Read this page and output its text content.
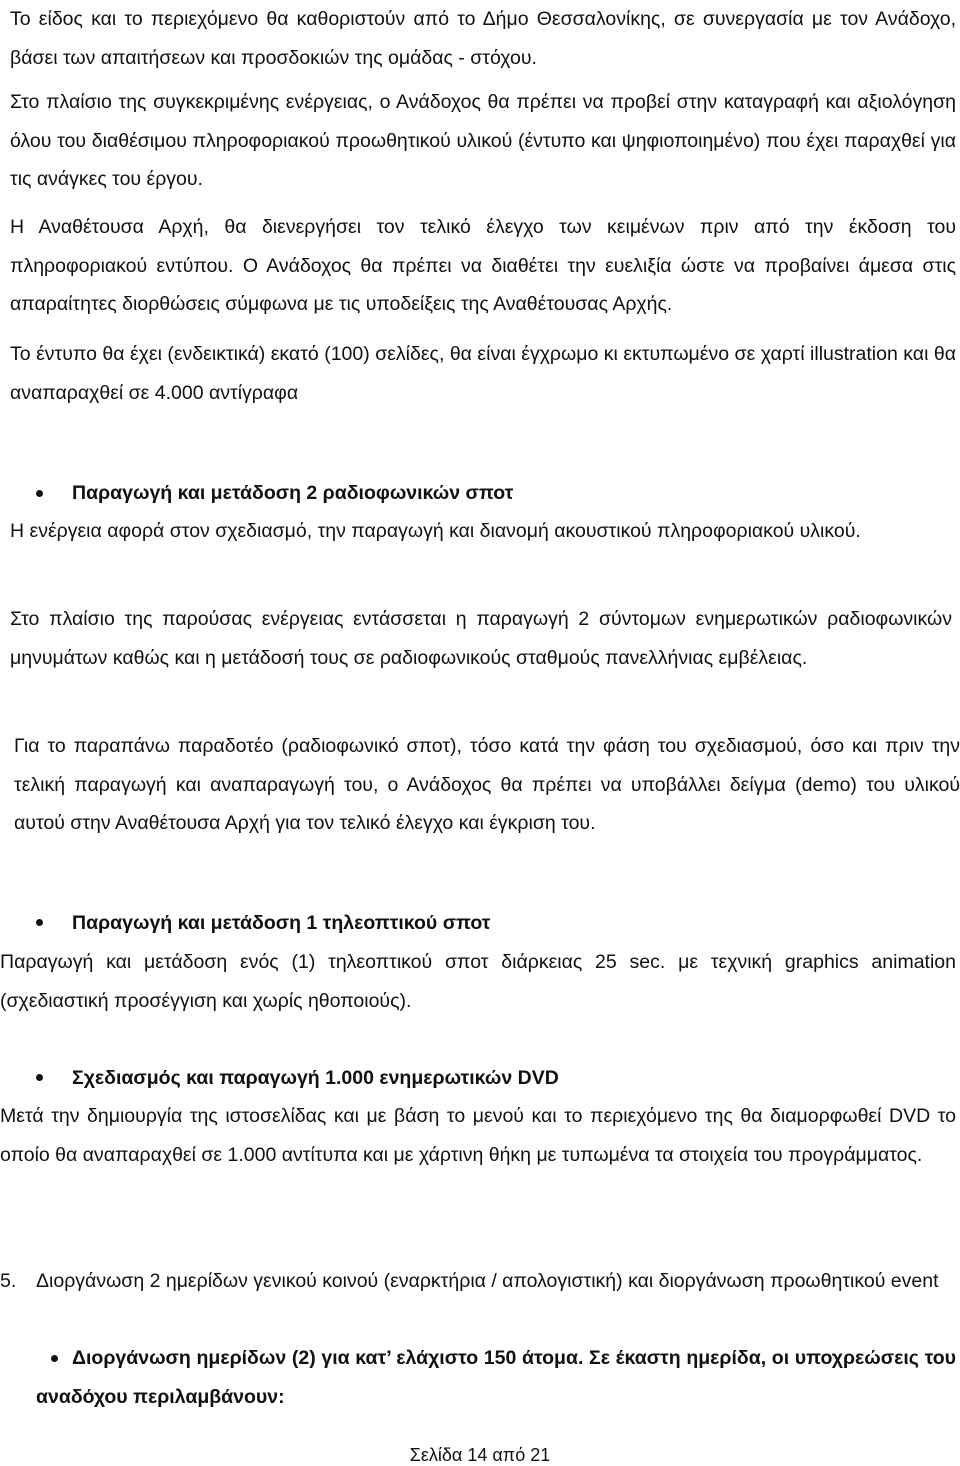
Το είδος και το περιεχόμενο θα καθοριστούν από το Δήμο Θεσσαλονίκης, σε συνεργασία με τον Ανάδοχο, βάσει των απαιτήσεων και προσδοκιών της ομάδας - στόχου.

Στο πλαίσιο της συγκεκριμένης ενέργειας, ο Ανάδοχος θα πρέπει να προβεί στην καταγραφή και αξιολόγηση όλου του διαθέσιμου πληροφοριακού προωθητικού υλικού (έντυπο και ψηφιοποιημένο) που έχει παραχθεί για τις ανάγκες του έργου.

Η Αναθέτουσα Αρχή, θα διενεργήσει τον τελικό έλεγχο των κειμένων πριν από την έκδοση του πληροφοριακού εντύπου. Ο Ανάδοχος θα πρέπει να διαθέτει την ευελιξία ώστε να προβαίνει άμεσα στις απαραίτητες διορθώσεις σύμφωνα με τις υποδείξεις της Αναθέτουσας Αρχής.

Το έντυπο θα έχει (ενδεικτικά) εκατό (100) σελίδες, θα είναι έγχρωμο κι εκτυπωμένο σε χαρτί illustration και θα αναπαραχθεί σε 4.000 αντίγραφα

Παραγωγή και μετάδοση 2 ραδιοφωνικών σποτ

Η ενέργεια αφορά στον σχεδιασμό, την παραγωγή και διανομή ακουστικού πληροφοριακού υλικού.

Στο πλαίσιο της παρούσας ενέργειας εντάσσεται η παραγωγή 2 σύντομων ενημερωτικών ραδιοφωνικών μηνυμάτων καθώς και η μετάδοσή τους σε ραδιοφωνικούς σταθμούς πανελλήνιας εμβέλειας.

Για το παραπάνω παραδοτέο (ραδιοφωνικό σποτ), τόσο κατά την φάση του σχεδιασμού, όσο και πριν την τελική παραγωγή και αναπαραγωγή του, ο Ανάδοχος θα πρέπει να υποβάλλει δείγμα (demo) του υλικού αυτού στην Αναθέτουσα Αρχή για τον τελικό έλεγχο και έγκριση του.

Παραγωγή και μετάδοση 1 τηλεοπτικού σποτ

Παραγωγή και μετάδοση ενός (1) τηλεοπτικού σποτ διάρκειας 25 sec. με τεχνική graphics animation (σχεδιαστική προσέγγιση και χωρίς ηθοποιούς).

Σχεδιασμός και παραγωγή 1.000 ενημερωτικών DVD

Μετά την δημιουργία της ιστοσελίδας και με βάση το μενού και το περιεχόμενο της θα διαμορφωθεί DVD το οποίο θα αναπαραχθεί σε 1.000 αντίτυπα και με χάρτινη θήκη με τυπωμένα τα στοιχεία του προγράμματος.

5. Διοργάνωση 2 ημερίδων γενικού κοινού (εναρκτήρια / απολογιστική) και διοργάνωση προωθητικού event

Διοργάνωση ημερίδων (2) για κατ’ ελάχιστο 150 άτομα. Σε έκαστη ημερίδα, οι υποχρεώσεις του αναδόχου περιλαμβάνουν:

Σελίδα 14 από 21
